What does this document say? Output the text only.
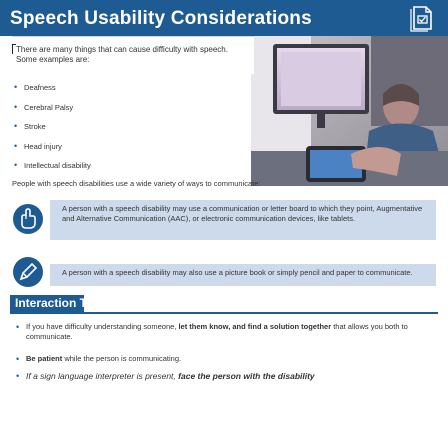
Speech Usability Considerations

There are many things that can cause difficulty with speech. Some examples are:

• Deafness
• Cerebral Palsy
• Stroke
• Head injury
• Intellectual disability

People with speech disabilities use a wide variety of ways to communicate:

A person with a speech disability may use a communication or letter board to which they point, Augmentative and Alternative Communication (AAC), or electronic communication devices, like tablets.

A person with a speech disability may also use a picture book or simply pencil and paper to communicate.

Interaction Tips
• If you have difficulty understanding someone, let them know, and find a solution together that allows you both to communicate.
• Be patient while the person is communicating.
• If a sign language interpreter is present, face the person with the disability
